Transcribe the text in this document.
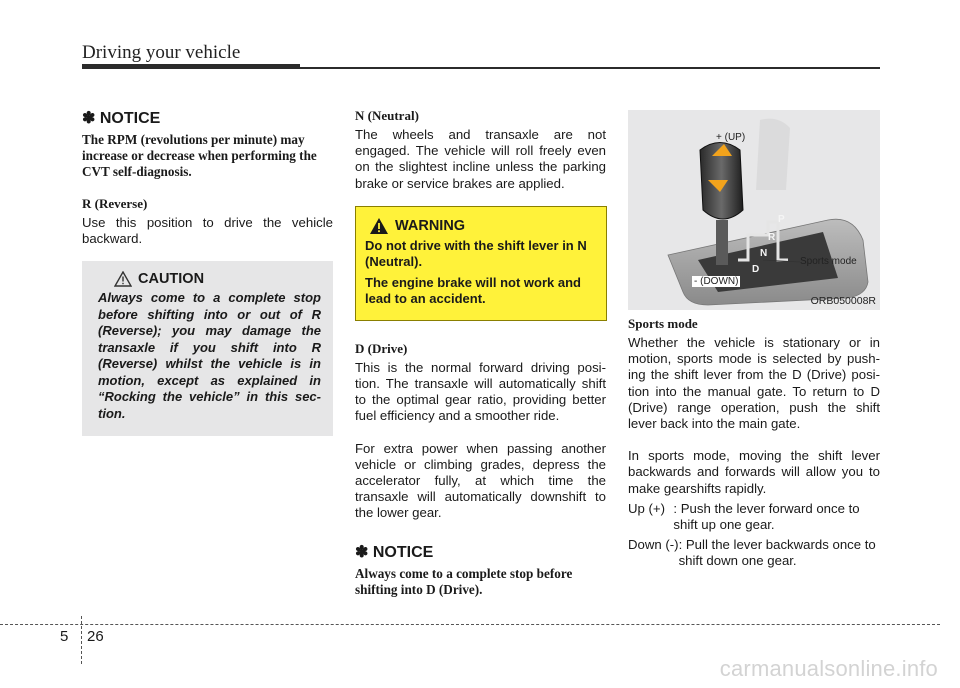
Driving your vehicle
✽ NOTICE

The RPM (revolutions per minute) may increase or decrease when performing the CVT self-diagnosis.

R (Reverse)

Use this position to drive the vehicle backward.

CAUTION

Always come to a complete stop before shifting into or out of R (Reverse); you may damage the transaxle if you shift into R (Reverse) whilst the vehicle is in motion, except as explained in “Rocking the vehicle” in this sec-tion.

N (Neutral)

The wheels and transaxle are not engaged. The vehicle will roll freely even on the slightest incline unless the parking brake or service brakes are applied.

WARNING

Do not drive with the shift lever in N (Neutral).

The engine brake will not work and lead to an accident.

D (Drive)

This is the normal forward driving posi-tion. The transaxle will automatically shift to the optimal gear ratio, providing better fuel efficiency and a smoother ride.

For extra power when passing another vehicle or climbing grades, depress the accelerator fully, at which time the transaxle will automatically downshift to the lower gear.

✽ NOTICE

Always come to a complete stop before shifting into D (Drive).

+ (UP)
- (DOWN)
Sports mode
P
R
N
D
ORB050008R

Sports mode

Whether the vehicle is stationary or in motion, sports mode is selected by push-ing the shift lever from the D (Drive) posi-tion into the manual gate. To return to D (Drive) range operation, push the shift lever back into the main gate.

In sports mode, moving the shift lever backwards and forwards will allow you to make gearshifts rapidly.

Up (+) : Push the lever forward once to shift up one gear.
Down (-) : Pull the lever backwards once to shift down one gear.
5 26
carmanualsonline.info
